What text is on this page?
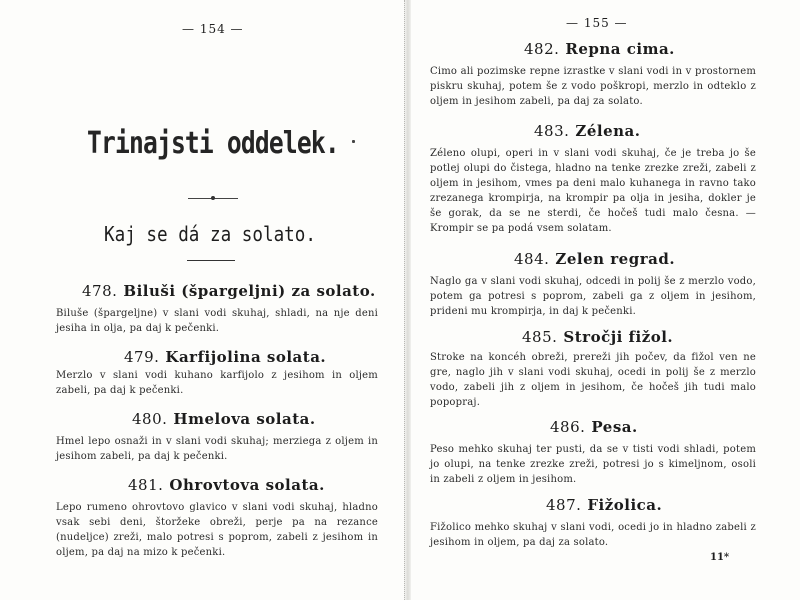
— 154 —
Trinajsti oddelek.
Kaj se dá za solato.
478. Biluši (špargeljni) za solato.
Biluše (špargeljne) v slani vodi skuhaj, shladi, na nje deni jesiha in olja, pa daj k pečenki.
479. Karfijolina solata.
Merzlo v slani vodi kuhano karfijolo z jesihom in oljem zabeli, pa daj k pečenki.
480. Hmelova solata.
Hmel lepo osnaži in v slani vodi skuhaj; merziega z oljem in jesihom zabeli, pa daj k pečenki.
481. Ohrovtova solata.
Lepo rumeno ohrovtovo glavico v slani vodi skuhaj, hladno vsak sebi deni, štoržeke obreži, perje pa na rezance (nudeljce) zreži, malo potresi s poprom, zabeli z jesihom in oljem, pa daj na mizo k pečenki.
— 155 —
482. Repna cima.
Cimo ali pozimske repne izrastke v slani vodi in v prostornem piskru skuhaj, potem še z vodo poškropi, merzlo in odteklo z oljem in jesihom zabeli, pa daj za solato.
483. Zélena.
Zéleno olupi, operi in v slani vodi skuhaj, če je treba jo še potlej olupi do čistega, hladno na tenke zrezke zreži, zabeli z oljem in jesihom, vmes pa deni malo kuhanega in ravno tako zrezanega krompirja, na krompir pa olja in jesiha, dokler je še gorak, da se ne sterdi, če hočeš tudi malo česna. — Krompir se pa podá vsem solatam.
484. Zelen regrad.
Naglo ga v slani vodi skuhaj, odcedi in polij še z merzlo vodo, potem ga potresi s poprom, zabeli ga z oljem in jesihom, prideni mu krompirja, in daj k pečenki.
485. Stročji fižol.
Stroke na koncéh obreži, prereži jih počev, da fižol ven ne gre, naglo jih v slani vodi skuhaj, ocedi in polij še z merzlo vodo, zabeli jih z oljem in jesihom, če hočeš jih tudi malo popopraj.
486. Pesa.
Peso mehko skuhaj ter pusti, da se v tisti vodi shladi, potem jo olupi, na tenke zrezke zreži, potresi jo s kimeljnom, osoli in zabeli z oljem in jesihom.
487. Fižolica.
Fižolico mehko skuhaj v slani vodi, ocedi jo in hladno zabeli z jesihom in oljem, pa daj za solato.
11*
